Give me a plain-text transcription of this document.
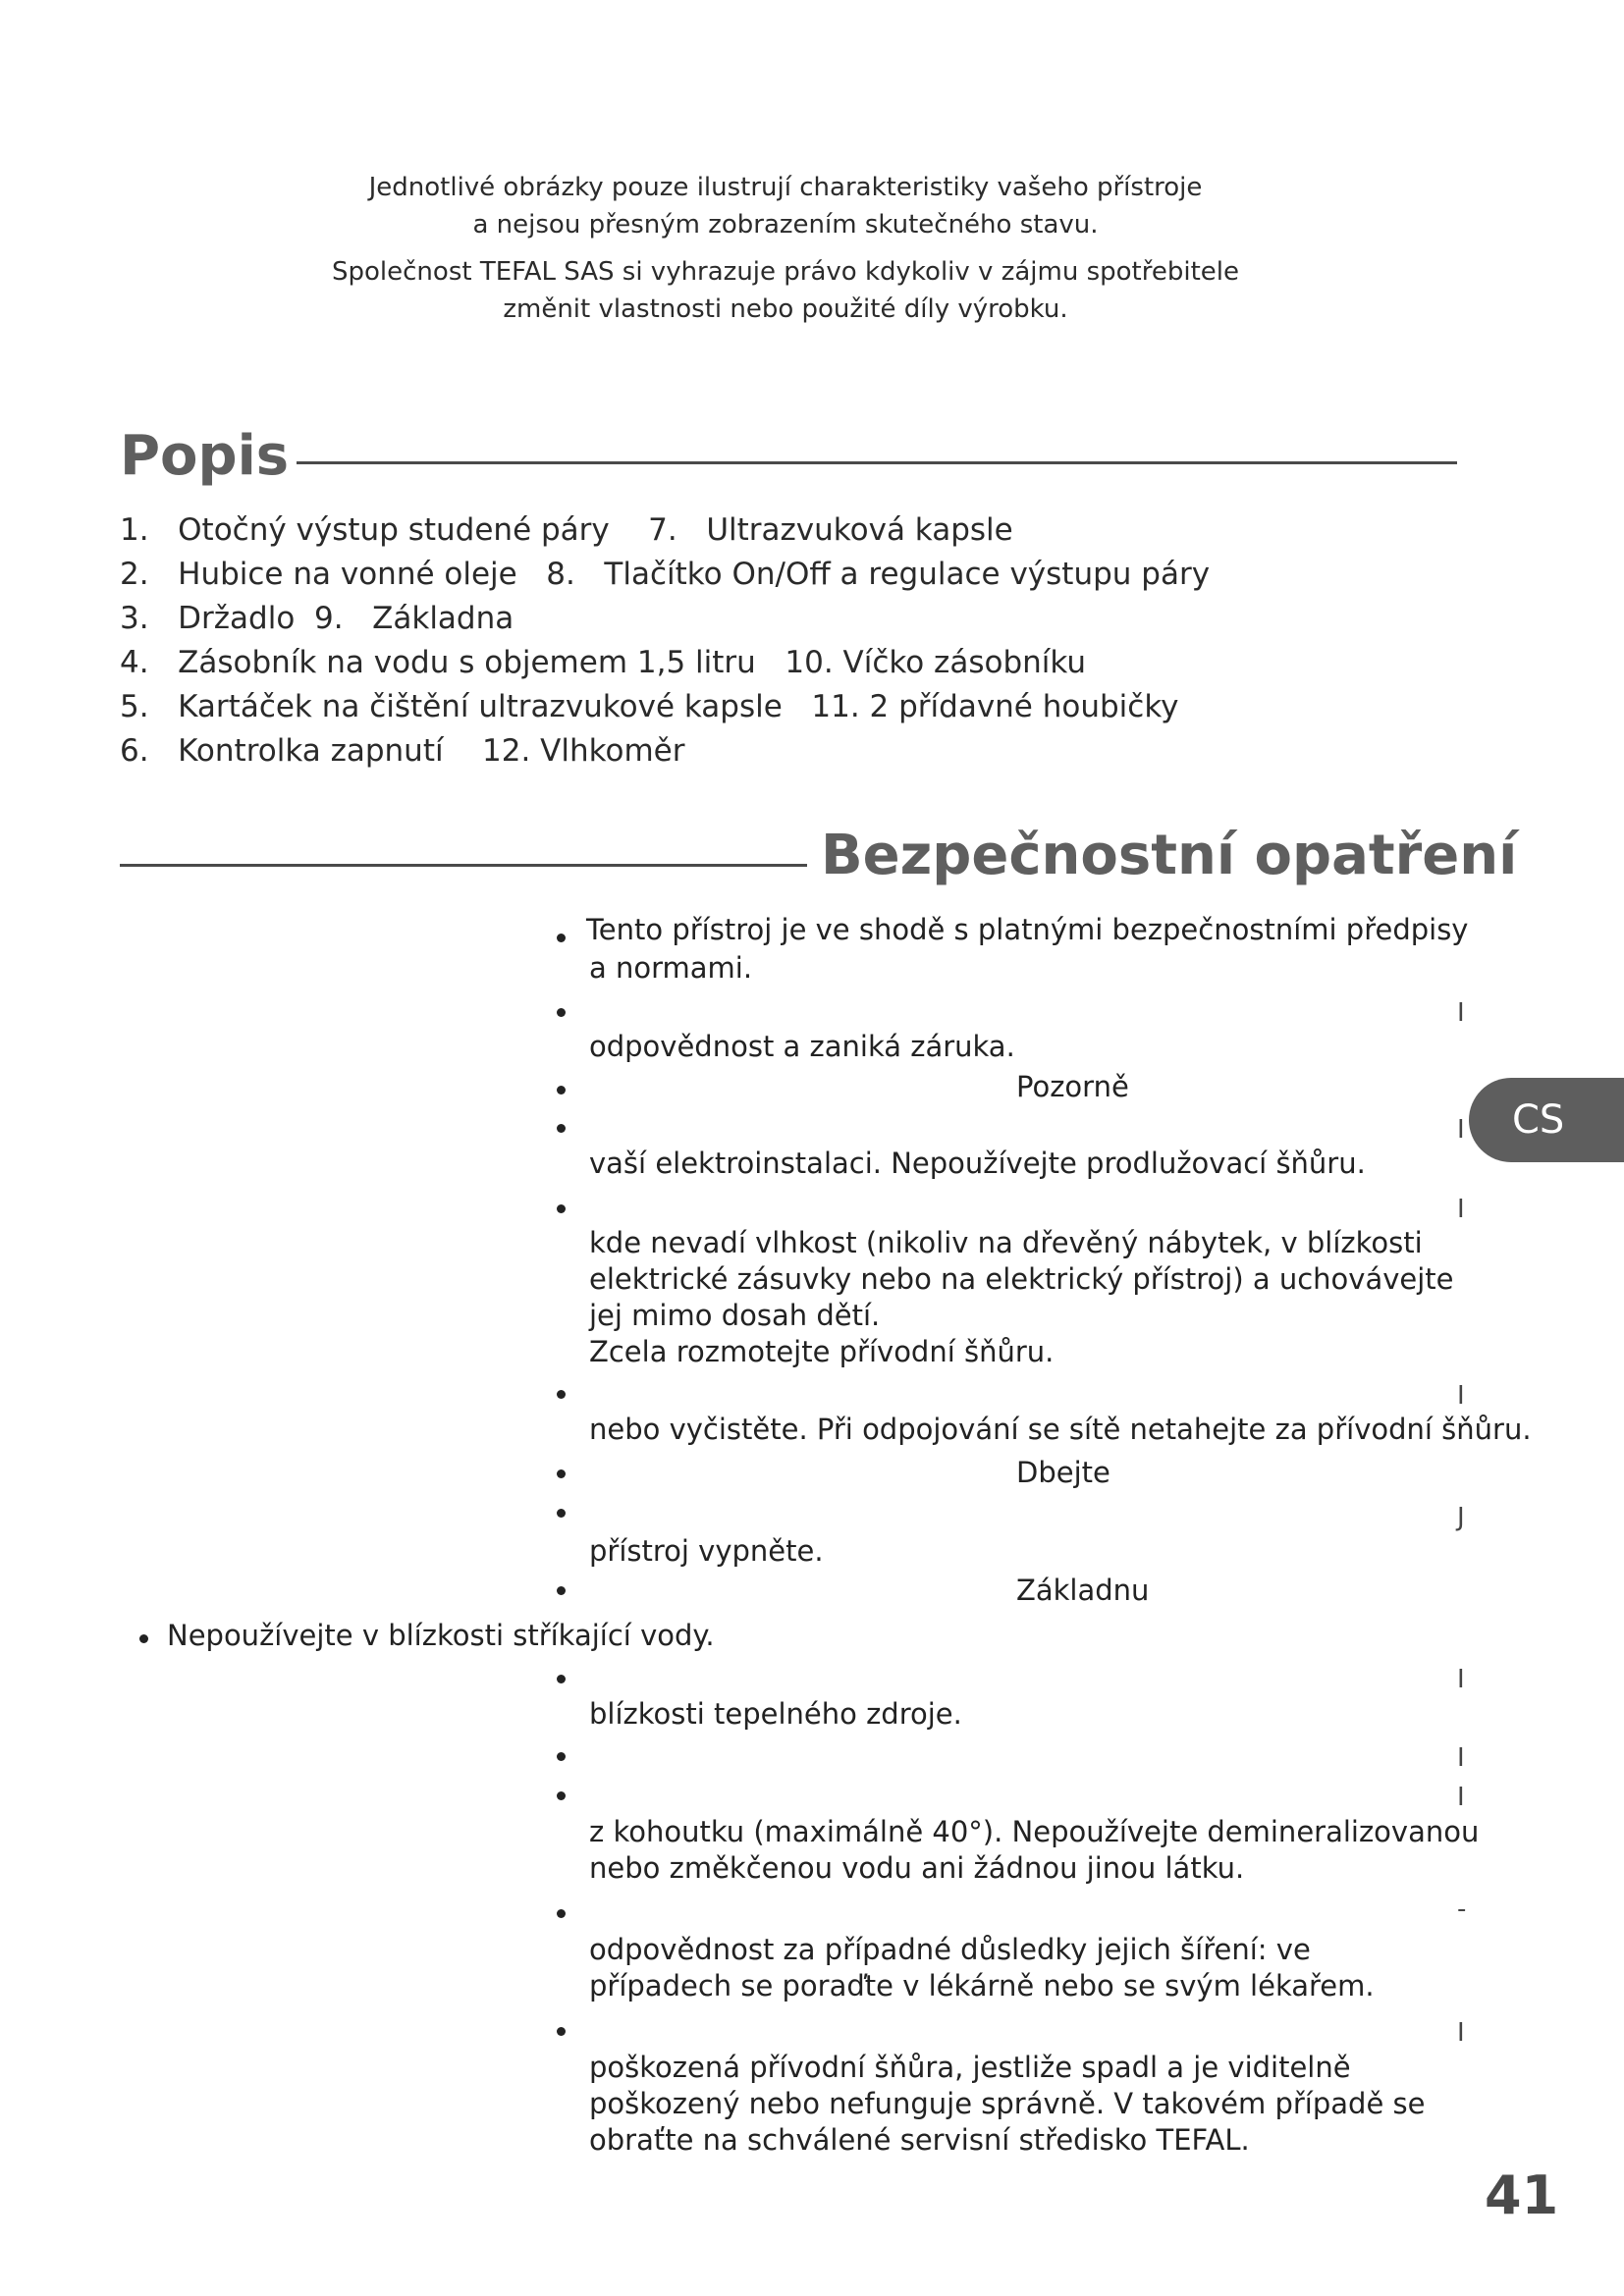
Jednotlivé obrázky pouze ilustrují charakteristiky vašeho přístroje
a nejsou přesným zobrazením skutečného stavu.
Společnost TEFAL SAS si vyhrazuje právo kdykoliv v zájmu spotřebitele
změnit vlastnosti nebo použité díly výrobku.
Popis
1.   Otočný výstup studené páry    7.   Ultrazvuková kapsle
2.   Hubice na vonné oleje   8.   Tlačítko On/Off a regulace výstupu páry
3.   Držadlo  9.   Základna
4.   Zásobník na vodu s objemem 1,5 litru   10. Víčko zásobníku
5.   Kartáček na čištění ultrazvukové kapsle   11. 2 přídavné houbičky
6.   Kontrolka zapnutí    12. Vlhkoměr
Bezpečnostní opatření
CS
Tento přístroj je ve shodě s platnými bezpečnostními předpisy
a normami.
I
odpovědnost a zaniká záruka.
Pozorně
I
vaší elektroinstalaci. Nepoužívejte prodlužovací šňůru.
I
kde nevadí vlhkost (nikoliv na dřevěný nábytek, v blízkosti
elektrické zásuvky nebo na elektrický přístroj) a uchovávejte
jej mimo dosah dětí.
Zcela rozmotejte přívodní šňůru.
I
nebo vyčistěte. Při odpojování se sítě netahejte za přívodní šňůru.
Dbejte
J
přístroj vypněte.
Základnu
Nepoužívejte v blízkosti stříkající vody.
I
blízkosti tepelného zdroje.
I
I
z kohoutku (maximálně 40°). Nepoužívejte demineralizovanou
nebo změkčenou vodu ani žádnou jinou látku.
-
odpovědnost za případné důsledky jejich šíření: ve
případech se poraďte v lékárně nebo se svým lékařem.
I
poškozená přívodní šňůra, jestliže spadl a je viditelně
poškozený nebo nefunguje správně. V takovém případě se
obraťte na schválené servisní středisko TEFAL.
41
